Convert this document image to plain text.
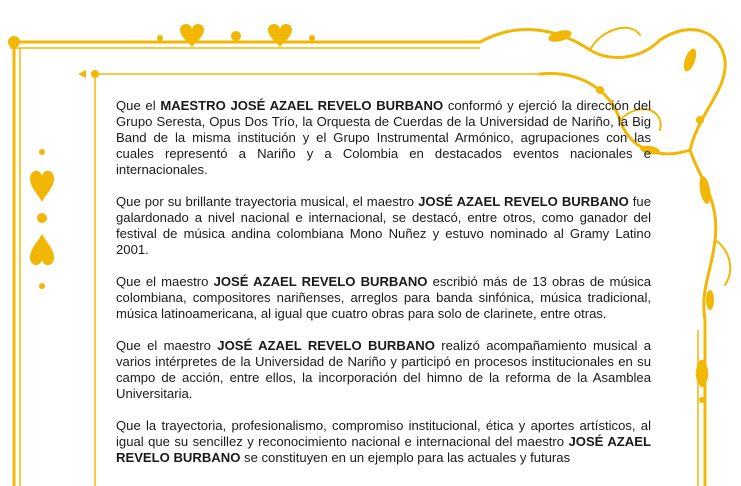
Que el MAESTRO JOSÉ AZAEL REVELO BURBANO conformó y ejerció la dirección del Grupo Seresta, Opus Dos Trío, la Orquesta de Cuerdas de la Universidad de Nariño, la Big Band de la misma institución y el Grupo Instrumental Armónico, agrupaciones con las cuales representó a Nariño y a Colombia en destacados eventos nacionales e internacionales.

Que por su brillante trayectoria musical, el maestro JOSÉ AZAEL REVELO BURBANO fue galardonado a nivel nacional e internacional, se destacó, entre otros, como ganador del festival de música andina colombiana Mono Nuñez y estuvo nominado al Gramy Latino 2001.

Que el maestro JOSÉ AZAEL REVELO BURBANO escribió más de 13 obras de música colombiana, compositores nariñenses, arreglos para banda sinfónica, música tradicional, música latinoamericana, al igual que cuatro obras para solo de clarinete, entre otras.

Que el maestro JOSÉ AZAEL REVELO BURBANO realizó acompañamiento musical a varios intérpretes de la Universidad de Nariño y participó en procesos institucionales en su campo de acción, entre ellos, la incorporación del himno de la reforma de la Asamblea Universitaria.

Que la trayectoria, profesionalismo, compromiso institucional, ética y aportes artísticos, al igual que su sencillez y reconocimiento nacional e internacional del maestro JOSÉ AZAEL REVELO BURBANO se constituyen en un ejemplo para las actuales y futuras
